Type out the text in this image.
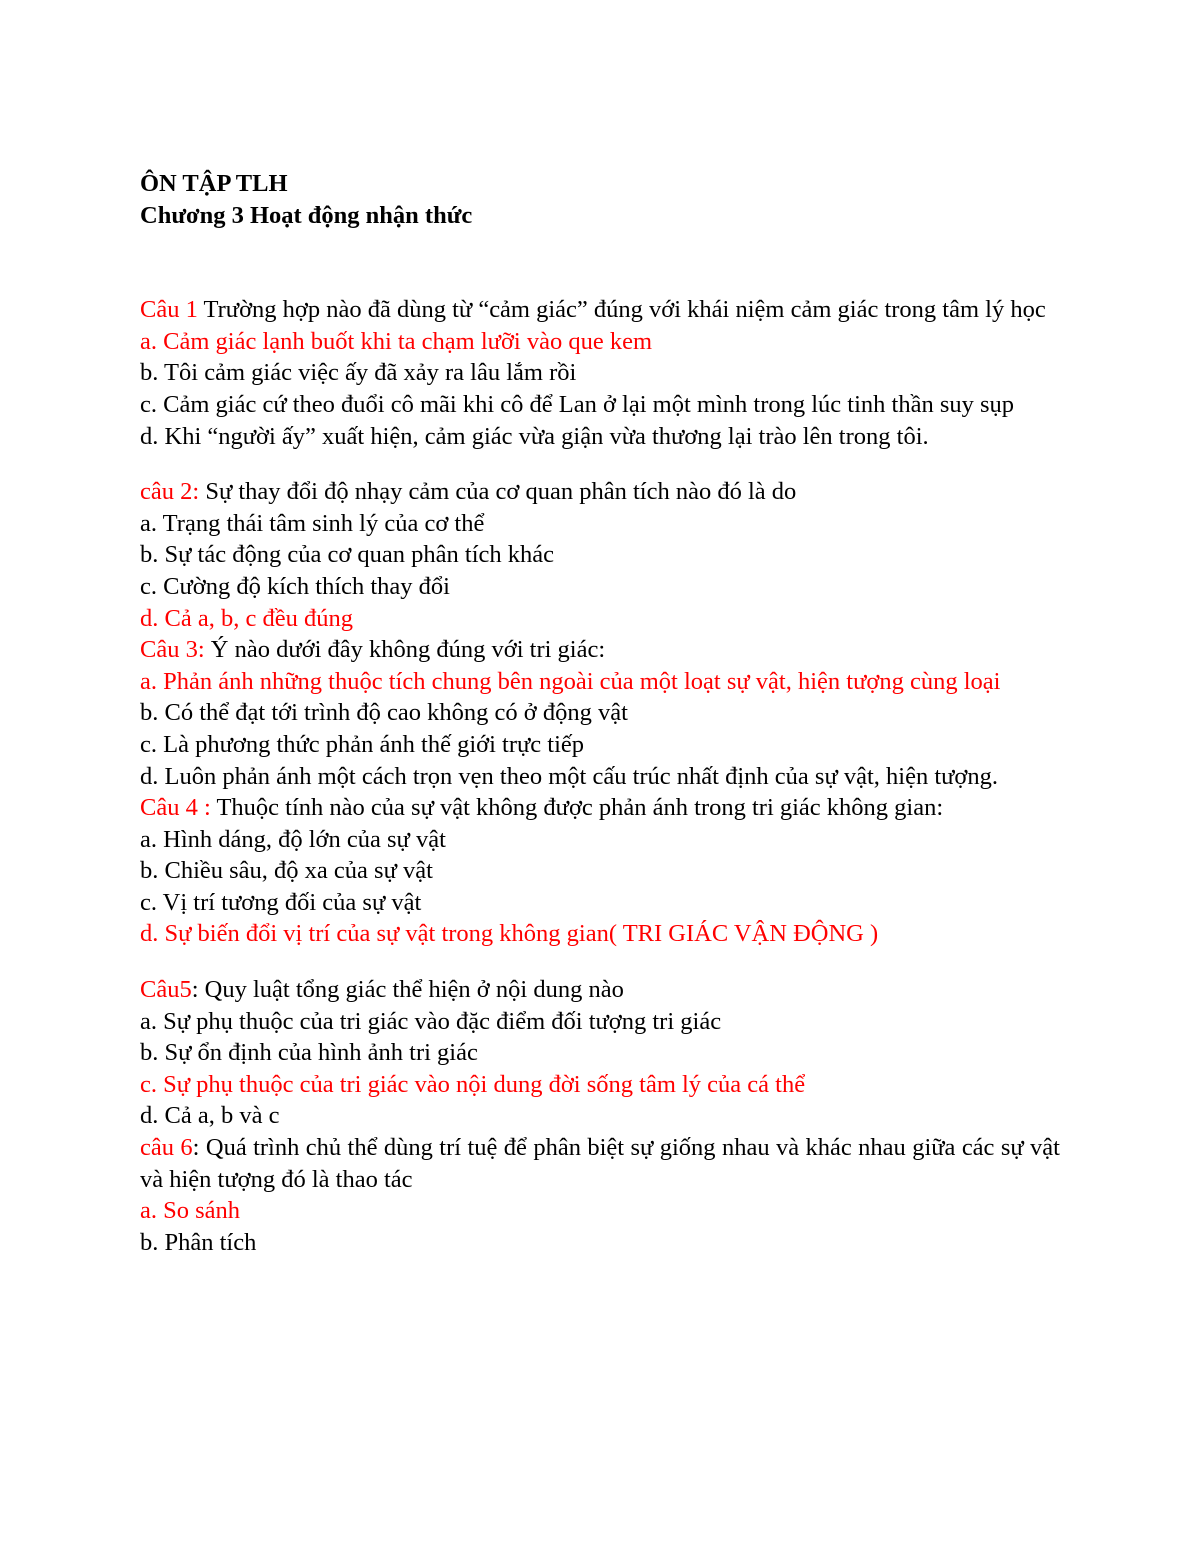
ÔN TẬP TLH

Chương 3 Hoạt động nhận thức

Câu 1 Trường hợp nào đã dùng từ “cảm giác” đúng với khái niệm cảm giác trong tâm lý học

a. Cảm giác lạnh buốt khi ta chạm lưỡi vào que kem

b. Tôi cảm giác việc ấy đã xảy ra lâu lắm rồi

c. Cảm giác cứ theo đuổi cô mãi khi cô để Lan ở lại một mình trong lúc tinh thần suy sụp

d. Khi “người ấy” xuất hiện, cảm giác vừa giận vừa thương lại trào lên trong tôi.

câu 2: Sự thay đổi độ nhạy cảm của cơ quan phân tích nào đó là do

a. Trạng thái tâm sinh lý của cơ thể

b. Sự tác động của cơ quan phân tích khác

c. Cường độ kích thích thay đổi

d. Cả a, b, c đều đúng

Câu 3: Ý nào dưới đây không đúng với tri giác:

a. Phản ánh những thuộc tích chung bên ngoài của một loạt sự vật, hiện tượng cùng loại

b. Có thể đạt tới trình độ cao không có ở động vật

c. Là phương thức phản ánh thế giới trực tiếp

d. Luôn phản ánh một cách trọn vẹn theo một cấu trúc nhất định của sự vật, hiện tượng.

Câu 4 : Thuộc tính nào của sự vật không được phản ánh trong tri giác không gian:

a. Hình dáng, độ lớn của sự vật

b. Chiều sâu, độ xa của sự vật

c. Vị trí tương đối của sự vật

d. Sự biến đổi vị trí của sự vật trong không gian( TRI GIÁC VẬN ĐỘNG )

Câu5: Quy luật tổng giác thể hiện ở nội dung nào

a. Sự phụ thuộc của tri giác vào đặc điểm đối tượng tri giác

b. Sự ổn định của hình ảnh tri giác

c. Sự phụ thuộc của tri giác vào nội dung đời sống tâm lý của cá thể

d. Cả a, b và c

câu 6: Quá trình chủ thể dùng trí tuệ để phân biệt sự giống nhau và khác nhau giữa các sự vật và hiện tượng đó là thao tác

a. So sánh

b. Phân tích
